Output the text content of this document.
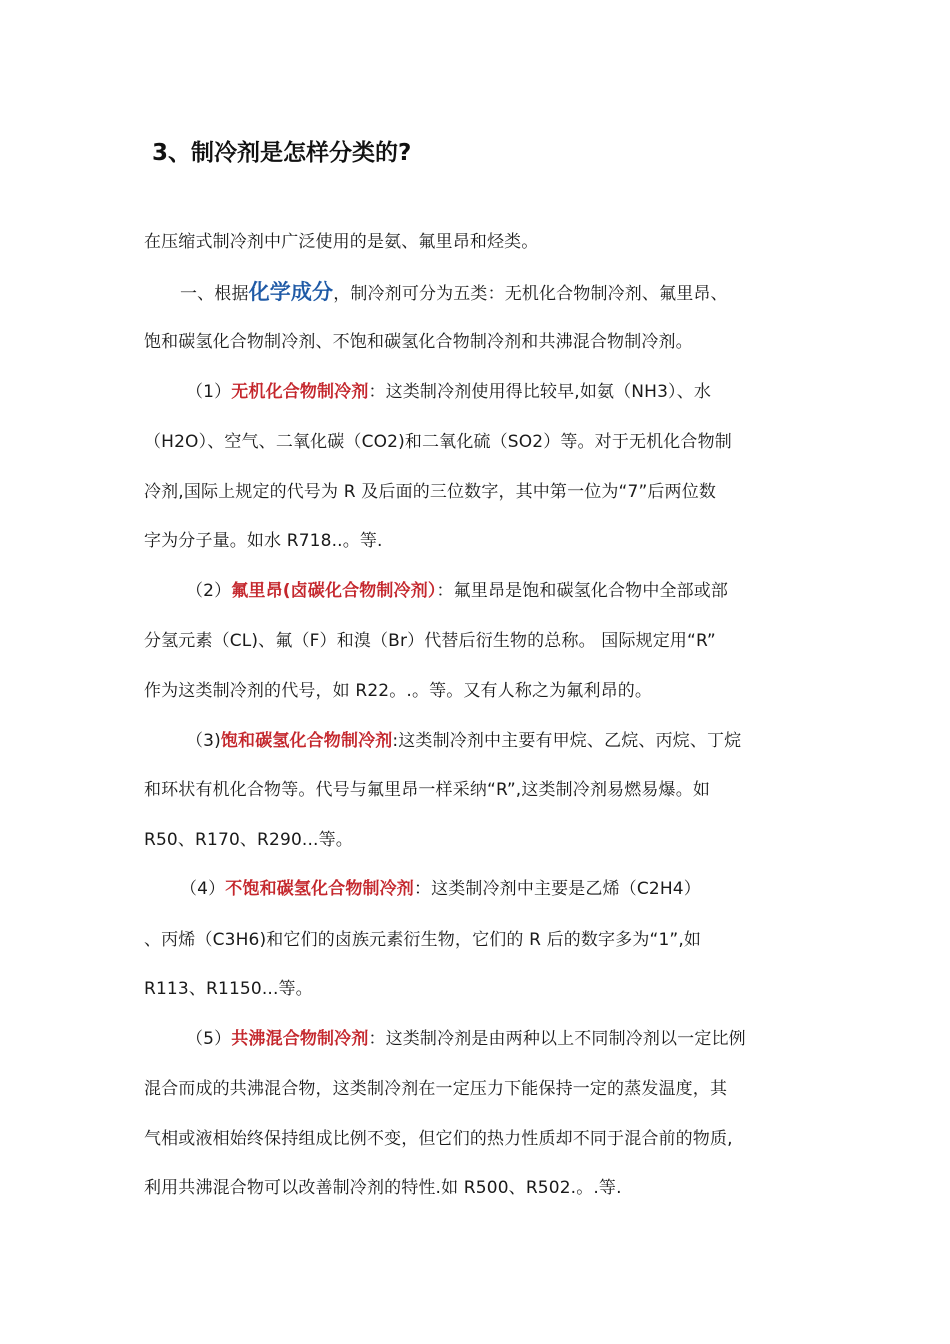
3、制冷剂是怎样分类的?
在压缩式制冷剂中广泛使用的是氨、氟里昂和烃类。
一、根据化学成分，制冷剂可分为五类：无机化合物制冷剂、氟里昂、
饱和碳氢化合物制冷剂、不饱和碳氢化合物制冷剂和共沸混合物制冷剂。
（1）无机化合物制冷剂：这类制冷剂使用得比较早,如氨（NH3）、水
（H2O）、空气、二氧化碳（CO2)和二氧化硫（SO2）等。对于无机化合物制
冷剂,国际上规定的代号为 R 及后面的三位数字，其中第一位为“7”后两位数
字为分子量。如水 R718..。等.
（2）氟里昂(卤碳化合物制冷剂）：氟里昂是饱和碳氢化合物中全部或部
分氢元素（CL)、氟（F）和溴（Br）代替后衍生物的总称。 国际规定用“R”
作为这类制冷剂的代号，如 R22。.。等。又有人称之为氟利昂的。
（3)饱和碳氢化合物制冷剂:这类制冷剂中主要有甲烷、乙烷、丙烷、丁烷
和环状有机化合物等。代号与氟里昂一样采纳“R”,这类制冷剂易燃易爆。如
R50、R170、R290...等。
（4）不饱和碳氢化合物制冷剂：这类制冷剂中主要是乙烯（C2H4）
、丙烯（C3H6)和它们的卤族元素衍生物，它们的 R 后的数字多为“1”,如
R113、R1150...等。
（5）共沸混合物制冷剂：这类制冷剂是由两种以上不同制冷剂以一定比例
混合而成的共沸混合物，这类制冷剂在一定压力下能保持一定的蒸发温度，其
气相或液相始终保持组成比例不变，但它们的热力性质却不同于混合前的物质,
利用共沸混合物可以改善制冷剂的特性.如 R500、R502.。.等.
